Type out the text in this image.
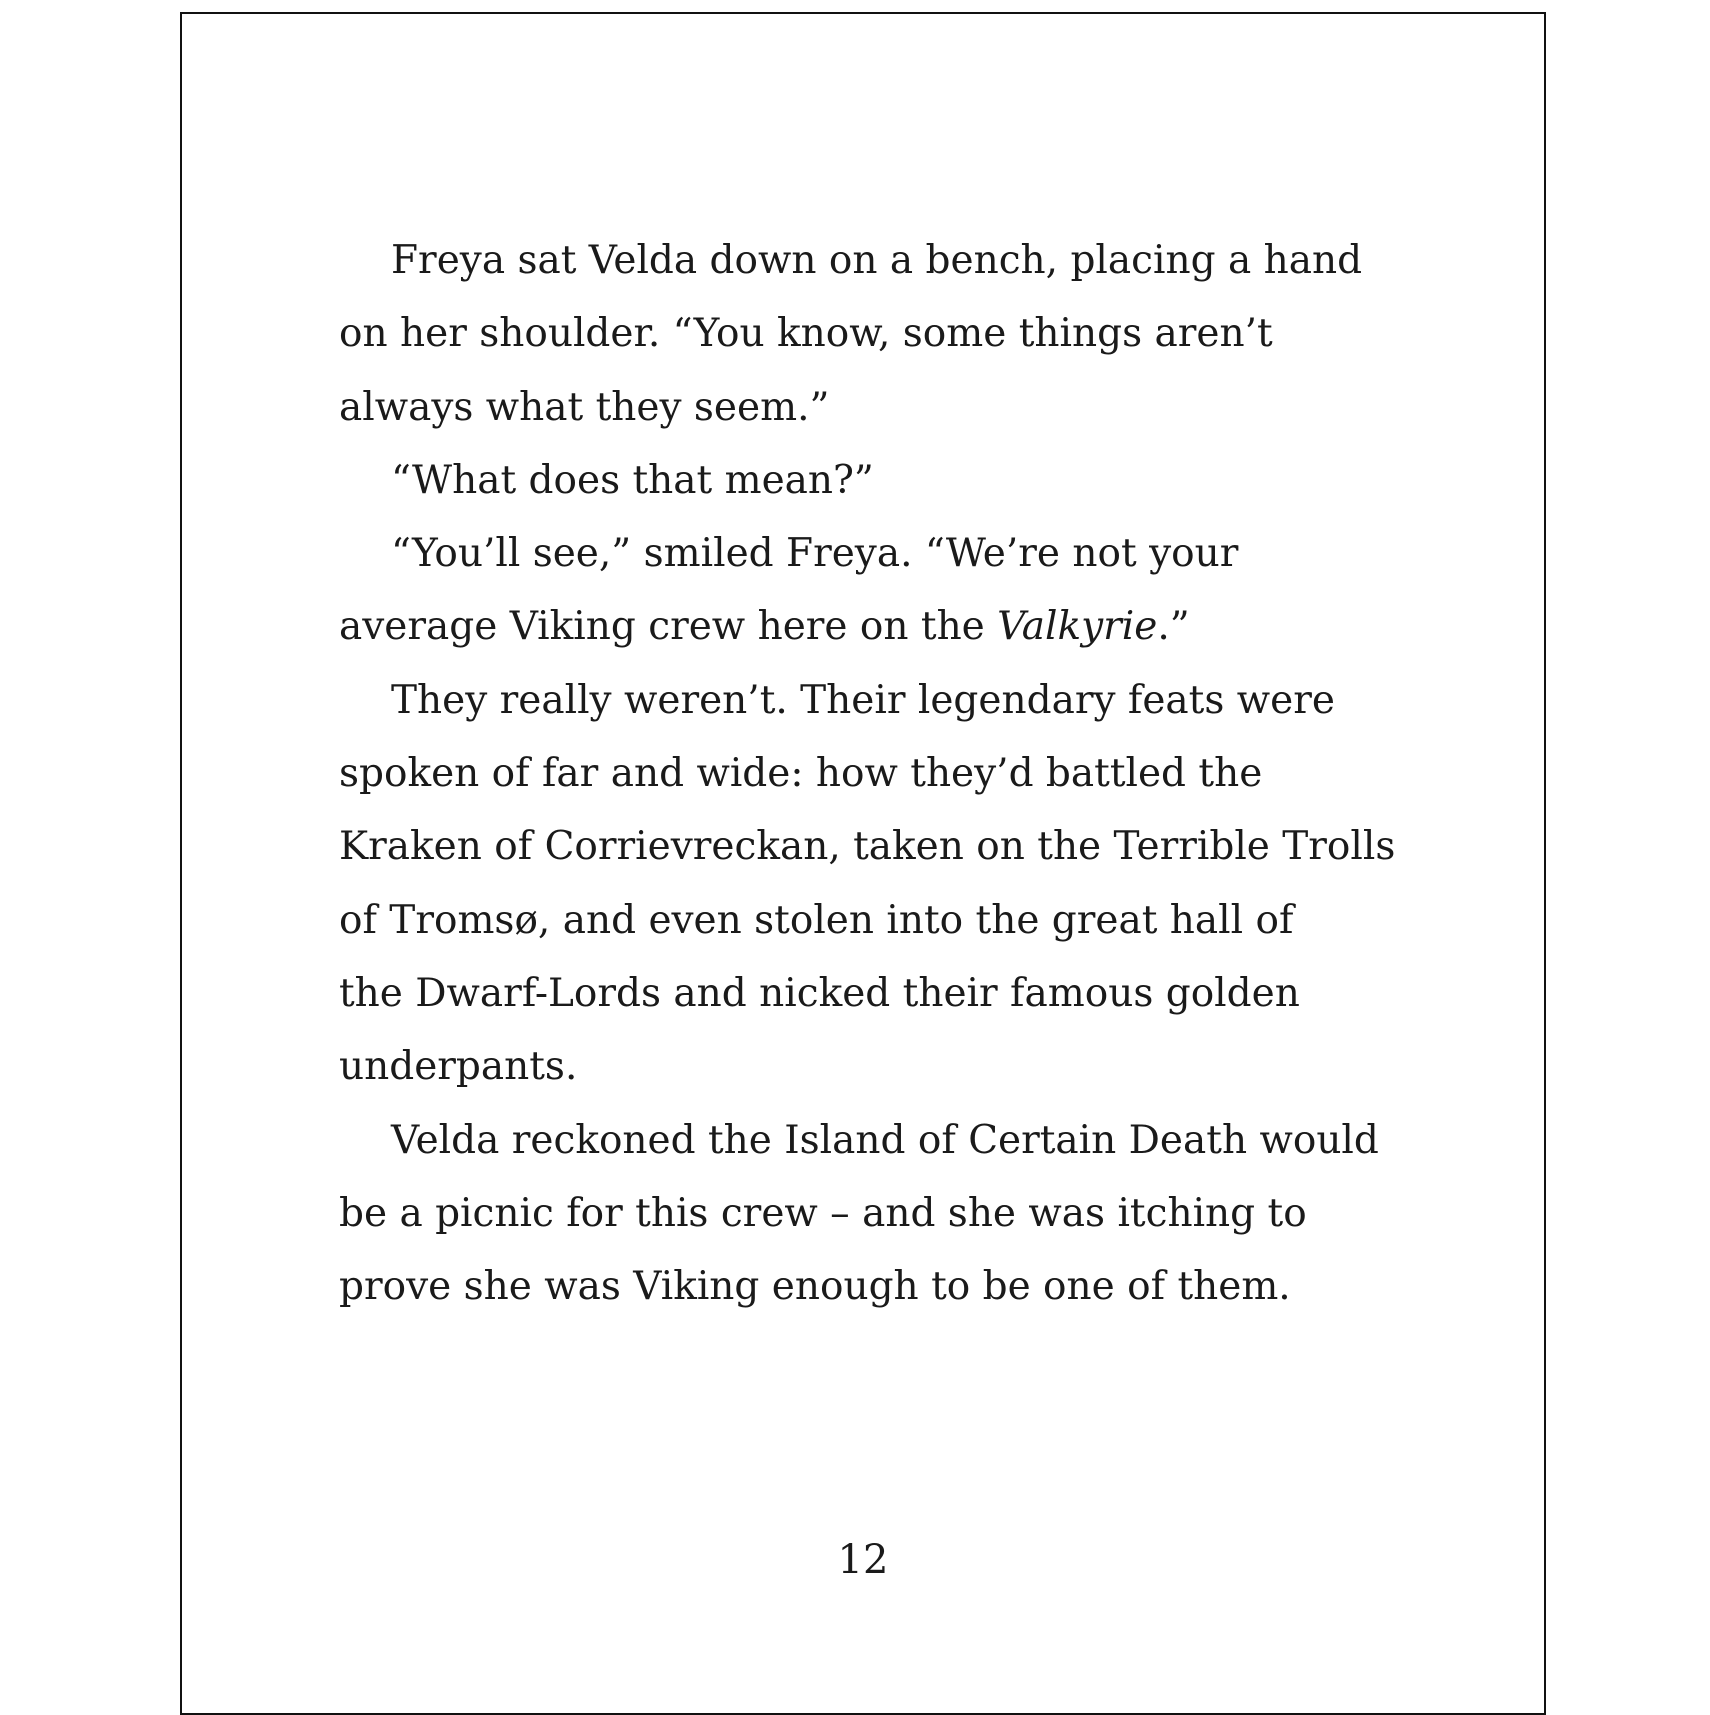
Freya sat Velda down on a bench, placing a hand
on her shoulder. “You know, some things aren’t
always what they seem.”
“What does that mean?”
“You’ll see,” smiled Freya. “We’re not your
average Viking crew here on the Valkyrie.”
They really weren’t. Their legendary feats were
spoken of far and wide: how they’d battled the
Kraken of Corrievreckan, taken on the Terrible Trolls
of Tromsø, and even stolen into the great hall of
the Dwarf-Lords and nicked their famous golden
underpants.
Velda reckoned the Island of Certain Death would
be a picnic for this crew – and she was itching to
prove she was Viking enough to be one of them.
12
